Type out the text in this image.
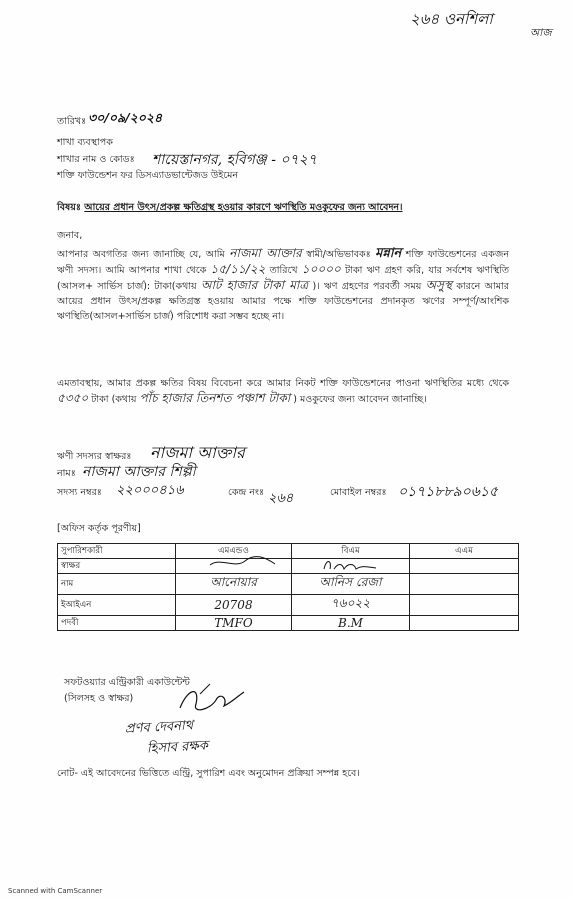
২৬৪ ওনশিলা
আজ
তারিখঃ ৩০/০৯/২০২৪
শাখা ব্যবস্থাপক
শাখার নাম ও কোডঃ শায়েস্তানগর, হবিগঞ্জ - ০৭২৭
শক্তি ফাউন্ডেশন ফর ডিসএ্যাডভান্টেজড উইমেন
বিষয়ঃ আয়ের প্রধান উৎস/প্রকল্প ক্ষতিগ্রস্থ হওয়ার কারণে ঋণস্থিতি মওকুফের জন্য আবেদন।
জনাব,
আপনার অবগতির জন্য জানাচ্ছি যে, আমি নাজমা আক্তার স্বামী/অভিভাবকঃ মন্নান শক্তি ফাউন্ডেশনের একজন ঋণী সদস্য। আমি আপনার শাখা থেকে ১৫/১১/২২ তারিখে ১০০০০ টাকা ঋণ গ্রহণ করি, যার সর্বশেষ ঋণস্থিতি (আসল+ সার্ভিস চার্জ): টাকা(কথায় আট হাজার টাকা মাত্র )। ঋণ গ্রহণের পরবর্তী সময় অসুস্থ কারনে আমার আয়ের প্রধান উৎস/প্রকল্প ক্ষতিগ্রস্ত হওয়ায় আমার পক্ষে শক্তি ফাউন্ডেশনের প্রদানকৃত ঋণের সম্পূর্ণ/আংশিক ঋণস্থিতি(আসল+সার্ভিস চার্জ) পরিশোধ করা সম্ভব হচ্ছে না।
এমতাবস্থায়, আমার প্রকল্প ক্ষতির বিষয় বিবেচনা করে আমার নিকট শক্তি ফাউন্ডেশনের পাওনা ঋণস্থিতির মধ্যে থেকে ৫৩৫০ টাকা (কথায় পাঁচ হাজার তিনশত পঞ্চাশ টাকা ) মওকুফের জন্য আবেদন জানাচ্ছি।
ঋণী সদস্যর স্বাক্ষরঃ নাজমা আক্তার
নামঃ নাজমা আক্তার শিল্পী
সদস্য নম্বরঃ ২২০০০৪১৬	কেন্দ্র নংঃ ২৬৪	মোবাইল নম্বরঃ ০১৭১৮৮৯০৬১৫
[অফিস কর্তৃক পূরণীয়]
সুপারিশকারী	এমএন্ডও	বিএম	এএম
স্বাক্ষর	

নাম	আনোয়ার	আনিস রেজা	
ইআইএন	20708	৭৬০২২	
পদবী	TMFO	B.M	
সফটওয়্যার এন্ট্রিকারী একাউন্টেন্ট
(সিলসহ ও স্বাক্ষর)
প্রণব দেবনাথ
হিসাব রক্ষক
নোট- এই আবেদনের ভিত্তিতে এন্ট্রি, সুপারিশ এবং অনুমোদন প্রক্রিয়া সম্পন্ন হবে।
Scanned with CamScanner
